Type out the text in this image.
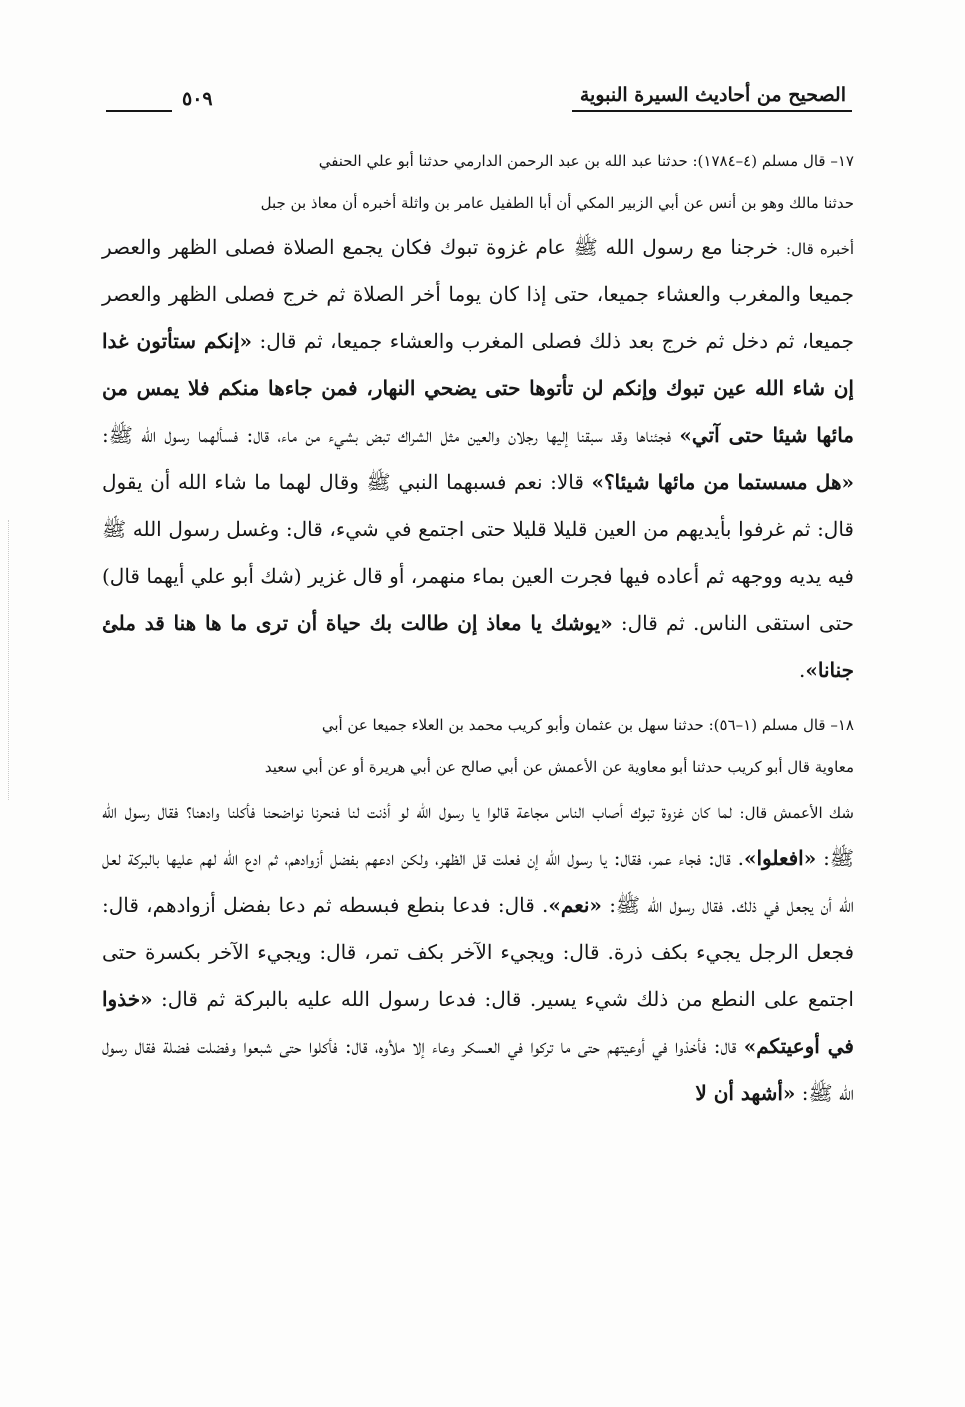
الصحيح من أحاديث السيرة النبوية
٥٠٩

١٧– قال مسلم (٤–١٧٨٤): حدثنا عبد الله بن عبد الرحمن الدارمي حدثنا أبو علي الحنفي
حدثنا مالك وهو بن أنس عن أبي الزبير المكي أن أبا الطفيل عامر بن واثلة أخبره أن معاذ بن جبل
أخبره قال: خرجنا مع رسول الله ﷺ عام غزوة تبوك فكان يجمع الصلاة فصلى الظهر والعصر جميعا والمغرب والعشاء جميعا، حتى إذا كان يوما أخر الصلاة ثم خرج فصلى الظهر والعصر جميعا، ثم دخل ثم خرج بعد ذلك فصلى المغرب والعشاء جميعا، ثم قال: «إنكم ستأتون غدا إن شاء الله عين تبوك وإنكم لن تأتوها حتى يضحي النهار، فمن جاءها منكم فلا يمس من مائها شيئا حتى آتي» فجئناها وقد سبقنا إليها رجلان والعين مثل الشراك تبض بشيء من ماء، قال: فسألهما رسول الله ﷺ: «هل مسستما من مائها شيئا؟» قالا: نعم فسبهما النبي ﷺ وقال لهما ما شاء الله أن يقول قال: ثم غرفوا بأيديهم من العين قليلا قليلا حتى اجتمع في شيء، قال: وغسل رسول الله ﷺ فيه يديه ووجهه ثم أعاده فيها فجرت العين بماء منهمر، أو قال غزير (شك أبو علي أيهما قال) حتى استقى الناس. ثم قال: «يوشك يا معاذ إن طالت بك حياة أن ترى ما ها هنا قد ملئ جنانا».

١٨– قال مسلم (١–٥٦): حدثنا سهل بن عثمان وأبو كريب محمد بن العلاء جميعا عن أبي
معاوية قال أبو كريب حدثنا أبو معاوية عن الأعمش عن أبي صالح عن أبي هريرة أو عن أبي سعيد
شك الأعمش قال: لما كان غزوة تبوك أصاب الناس مجاعة قالوا يا رسول الله لو أذنت لنا فنحرنا نواضحنا فأكلنا وادهنا؟ فقال رسول الله ﷺ: «افعلوا». قال: فجاء عمر، فقال: يا رسول الله إن فعلت قل الظهر، ولكن ادعهم بفضل أزوادهم، ثم ادع الله لهم عليها بالبركة لعل الله أن يجعل في ذلك. فقال رسول الله ﷺ: «نعم». قال: فدعا بنطع فبسطه ثم دعا بفضل أزوادهم، قال: فجعل الرجل يجيء بكف ذرة. قال: ويجيء الآخر بكف تمر، قال: ويجيء الآخر بكسرة حتى اجتمع على النطع من ذلك شيء يسير. قال: فدعا رسول الله عليه بالبركة ثم قال: «خذوا في أوعيتكم» قال: فأخذوا في أوعيتهم حتى ما تركوا في العسكر وعاء إلا ملأوه، قال: فأكلوا حتى شبعوا وفضلت فضلة فقال رسول الله ﷺ: «أشهد أن لا
